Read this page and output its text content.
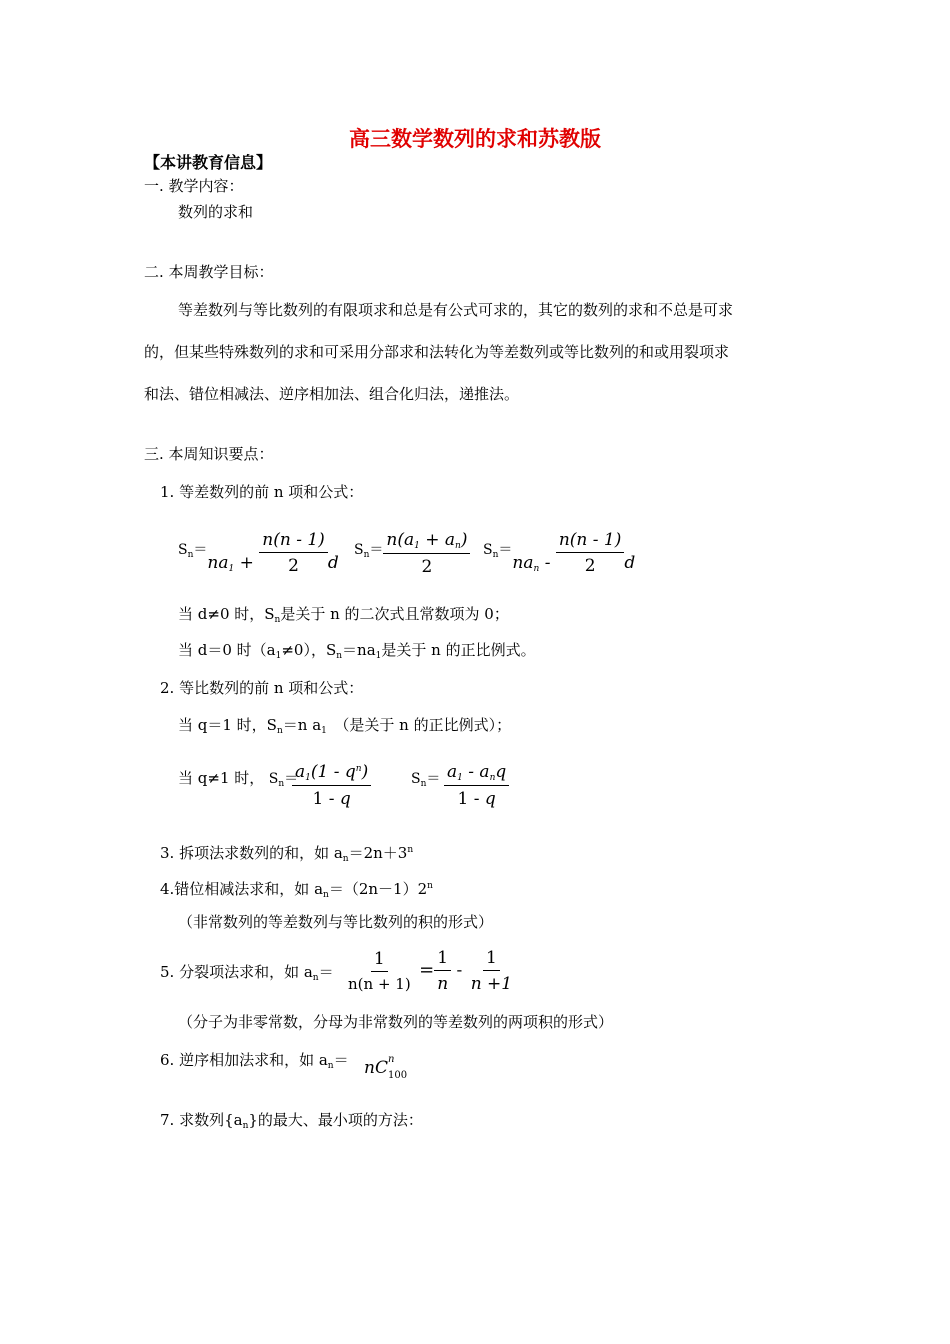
高三数学数列的求和苏教版
【本讲教育信息】
一. 教学内容：
数列的求和
二. 本周教学目标：
等差数列与等比数列的有限项求和总是有公式可求的，其它的数列的求和不总是可求
的，但某些特殊数列的求和可采用分部求和法转化为等差数列或等比数列的和或用裂项求
和法、错位相减法、逆序相加法、组合化归法，递推法。
三. 本周知识要点：
1. 等差数列的前 n 项和公式：
$S_n=na_1 + \frac{n(n - 1)}{2}$ d
$S_n= \frac{n(a_1 + a_n)}{2} S_n=na_n - \frac{n(n - 1)}{2}$ d
当 d≠0 时，$S_n$是关于 n 的二次式且常数项为 0；
当 d＝0 时$(a_1\ne 0)$，$S_n=na_1$是关于 n 的正比例式。
2. 等比数列的前 n 项和公式：
当 q＝1 时，$S_n=n$ $a_1$　（是关于 n 的正比例式）；
当 q≠1 时， $S_n=$
$\frac{a_1(1 - q^n)}{1 - q}$	$S_n= \frac{a_1 - a_nq}{1 - q}$
3. 拆项法求数列的和，如 $a_n=2n+3^n$
4.错位相减法求和，如 $a_n=(2n-1)2^n$
（非常数列的等差数列与等比数列的积的形式）
5. 分裂项法求和，如 $a_n= \frac{1}{n(n + 1)} = \frac{1}{n} - \frac{1}{n +1}$
（分子为非零常数，分母为非常数列的等差数列的两项积的形式）
6. 逆序相加法求和，如 $a_n=$ nC n
100
7. 求数列$\{a_n\}$的最大、最小项的方法：
